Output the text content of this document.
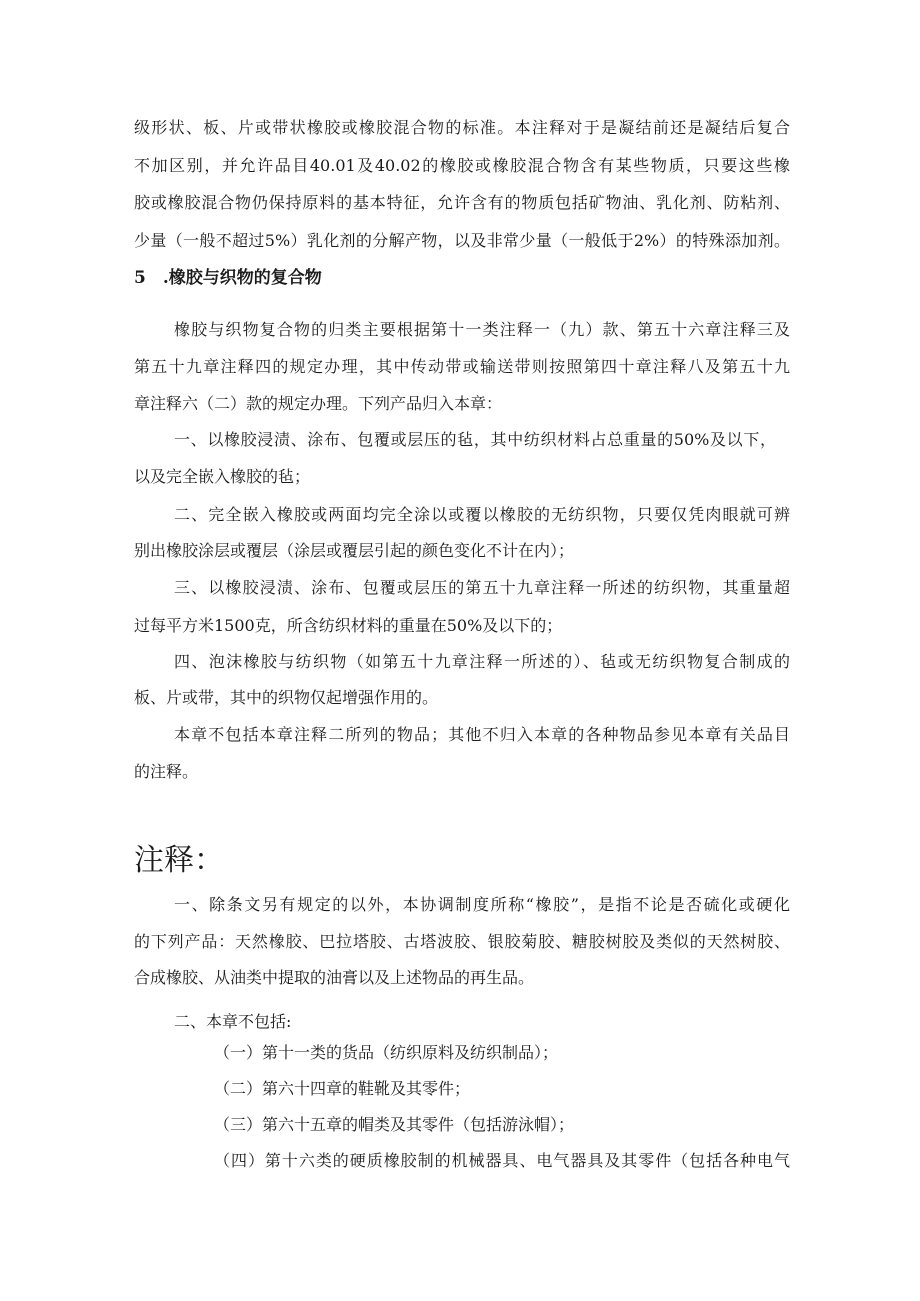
级形状、板、片或带状橡胶或橡胶混合物的标准。本注释对于是凝结前还是凝结后复合
不加区别，并允许品目40.01及40.02的橡胶或橡胶混合物含有某些物质，只要这些橡
胶或橡胶混合物仍保持原料的基本特征，允许含有的物质包括矿物油、乳化剂、防粘剂、
少量（一般不超过5%）乳化剂的分解产物，以及非常少量（一般低于2%）的特殊添加剂。
5　.橡胶与织物的复合物
橡胶与织物复合物的归类主要根据第十一类注释一（九）款、第五十六章注释三及
第五十九章注释四的规定办理，其中传动带或输送带则按照第四十章注释八及第五十九
章注释六（二）款的规定办理。下列产品归入本章：
一、以橡胶浸渍、涂布、包覆或层压的毡，其中纺织材料占总重量的50%及以下，
以及完全嵌入橡胶的毡；
二、完全嵌入橡胶或两面均完全涂以或覆以橡胶的无纺织物，只要仅凭肉眼就可辨
别出橡胶涂层或覆层（涂层或覆层引起的颜色变化不计在内）；
三、以橡胶浸渍、涂布、包覆或层压的第五十九章注释一所述的纺织物，其重量超
过每平方米1500克，所含纺织材料的重量在50%及以下的；
四、泡沫橡胶与纺织物（如第五十九章注释一所述的）、毡或无纺织物复合制成的
板、片或带，其中的织物仅起增强作用的。
本章不包括本章注释二所列的物品；其他不归入本章的各种物品参见本章有关品目
的注释。
注释：
一、除条文另有规定的以外，本协调制度所称“橡胶”，是指不论是否硫化或硬化
的下列产品：天然橡胶、巴拉塔胶、古塔波胶、银胶菊胶、糖胶树胶及类似的天然树胶、
合成橡胶、从油类中提取的油膏以及上述物品的再生品。
二、本章不包括:
（一）第十一类的货品（纺织原料及纺织制品）；
（二）第六十四章的鞋靴及其零件；
（三）第六十五章的帽类及其零件（包括游泳帽）；
（四）第十六类的硬质橡胶制的机械器具、电气器具及其零件（包括各种电气
